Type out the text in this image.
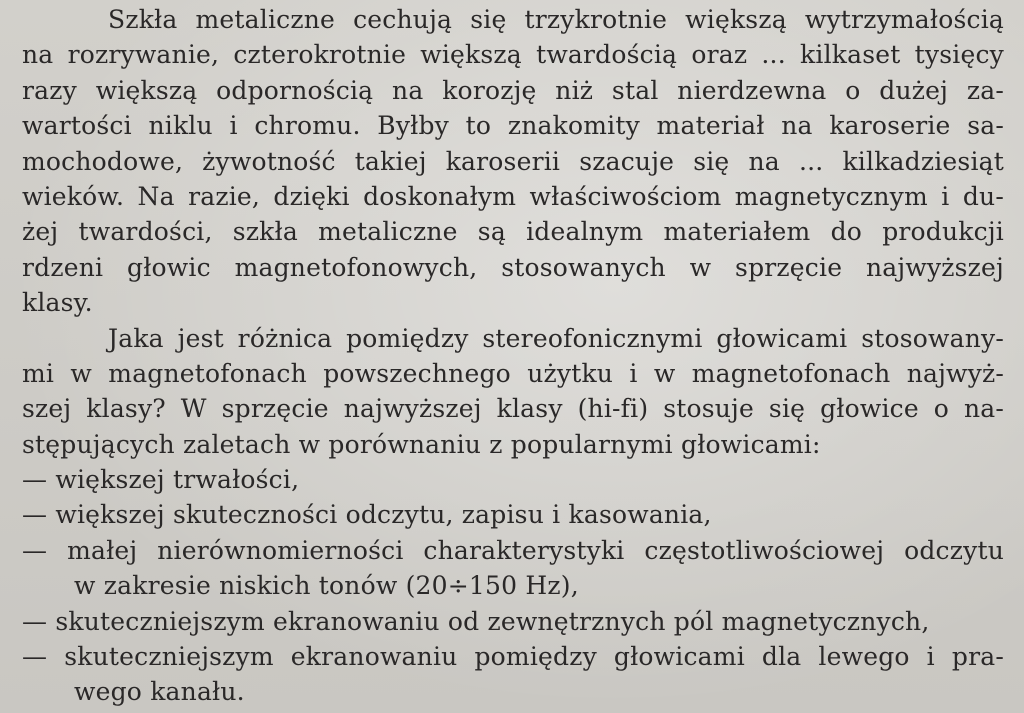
Szkła metaliczne cechują się trzykrotnie większą wytrzymałością
na rozrywanie, czterokrotnie większą twardością oraz ... kilkaset tysięcy
razy większą odpornością na korozję niż stal nierdzewna o dużej za-
wartości niklu i chromu. Byłby to znakomity materiał na karoserie sa-
mochodowe, żywotność takiej karoserii szacuje się na ... kilkadziesiąt
wieków. Na razie, dzięki doskonałym właściwościom magnetycznym i du-
żej twardości, szkła metaliczne są idealnym materiałem do produkcji
rdzeni głowic magnetofonowych, stosowanych w sprzęcie najwyższej
klasy.
Jaka jest różnica pomiędzy stereofonicznymi głowicami stosowany-
mi w magnetofonach powszechnego użytku i w magnetofonach najwyż-
szej klasy? W sprzęcie najwyższej klasy (hi-fi) stosuje się głowice o na-
stępujących zaletach w porównaniu z popularnymi głowicami:
— większej trwałości,
— większej skuteczności odczytu, zapisu i kasowania,
— małej nierównomierności charakterystyki częstotliwościowej odczytu
w zakresie niskich tonów (20÷150 Hz),
— skuteczniejszym ekranowaniu od zewnętrznych pól magnetycznych,
— skuteczniejszym ekranowaniu pomiędzy głowicami dla lewego i pra-
wego kanału.
